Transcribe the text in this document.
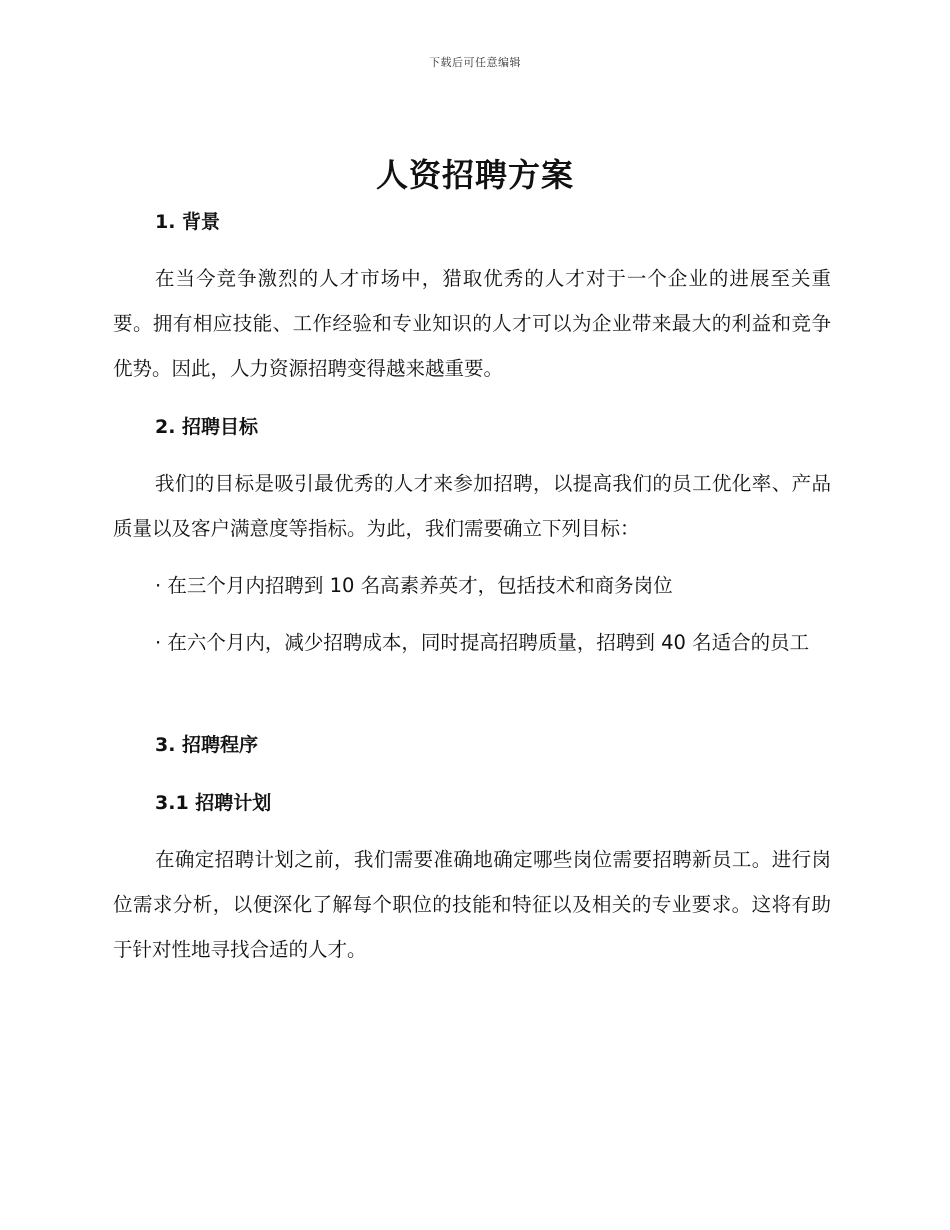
下载后可任意编辑
人资招聘方案
1. 背景
在当今竞争激烈的人才市场中，猎取优秀的人才对于一个企业的进展至关重要。拥有相应技能、工作经验和专业知识的人才可以为企业带来最大的利益和竞争优势。因此，人力资源招聘变得越来越重要。
2. 招聘目标
我们的目标是吸引最优秀的人才来参加招聘，以提高我们的员工优化率、产品质量以及客户满意度等指标。为此，我们需要确立下列目标：
· 在三个月内招聘到 10 名高素养英才，包括技术和商务岗位
· 在六个月内，减少招聘成本，同时提高招聘质量，招聘到 40 名适合的员工
3. 招聘程序
3.1 招聘计划
在确定招聘计划之前，我们需要准确地确定哪些岗位需要招聘新员工。进行岗位需求分析，以便深化了解每个职位的技能和特征以及相关的专业要求。这将有助于针对性地寻找合适的人才。
